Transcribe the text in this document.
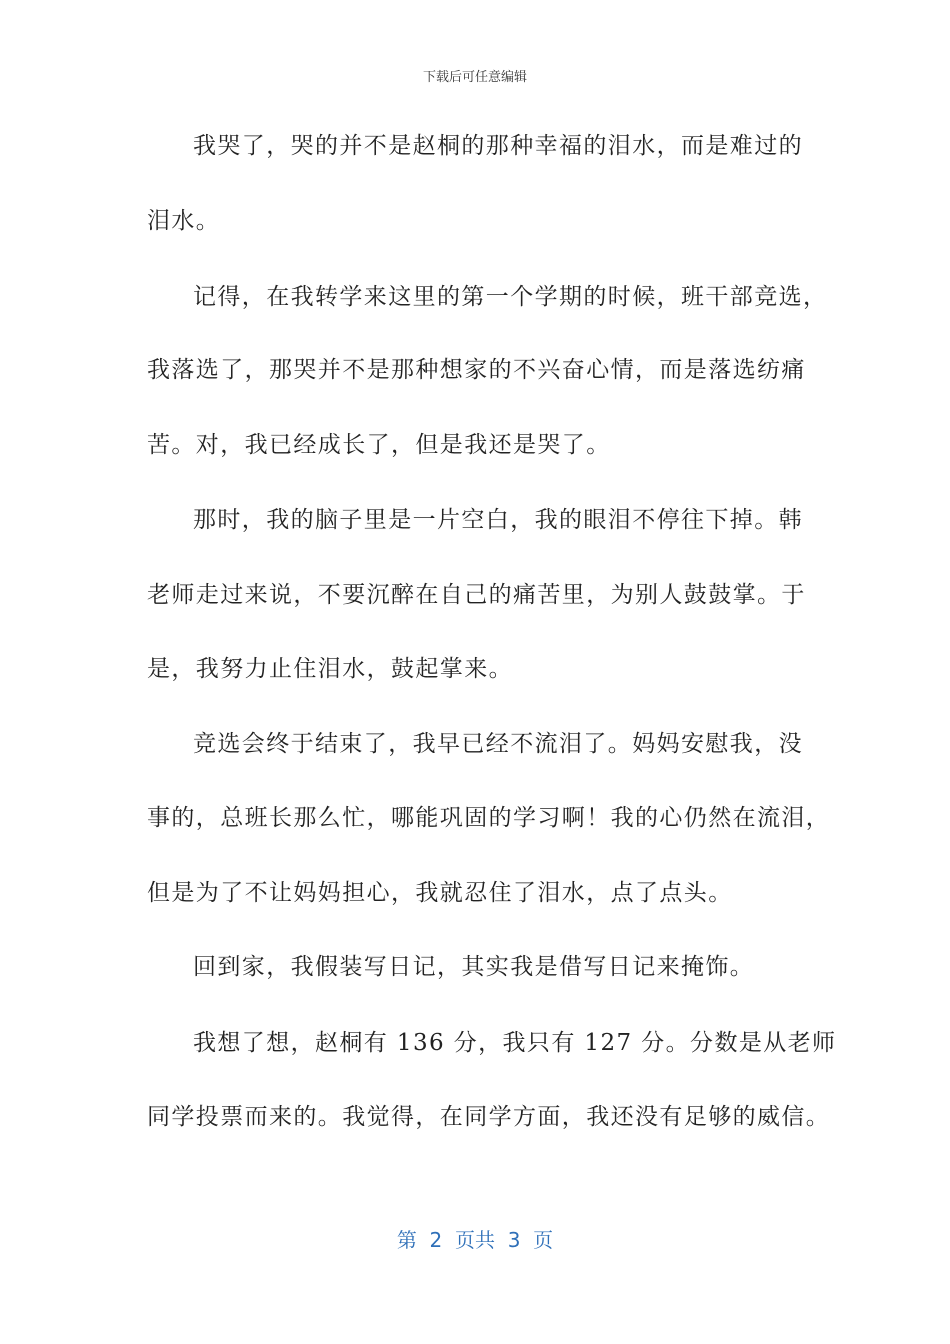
下载后可任意编辑
我哭了，哭的并不是赵桐的那种幸福的泪水，而是难过的
泪水。
记得，在我转学来这里的第一个学期的时候，班干部竞选，
我落选了，那哭并不是那种想家的不兴奋心情，而是落选纺痛
苦。对，我已经成长了，但是我还是哭了。
那时，我的脑子里是一片空白，我的眼泪不停往下掉。韩
老师走过来说，不要沉醉在自己的痛苦里，为别人鼓鼓掌。于
是，我努力止住泪水，鼓起掌来。
竞选会终于结束了，我早已经不流泪了。妈妈安慰我，没
事的，总班长那么忙，哪能巩固的学习啊！我的心仍然在流泪，
但是为了不让妈妈担心，我就忍住了泪水，点了点头。
回到家，我假装写日记，其实我是借写日记来掩饰。
我想了想，赵桐有 136 分，我只有 127 分。分数是从老师
同学投票而来的。我觉得，在同学方面，我还没有足够的威信。
第  2  页共  3  页
